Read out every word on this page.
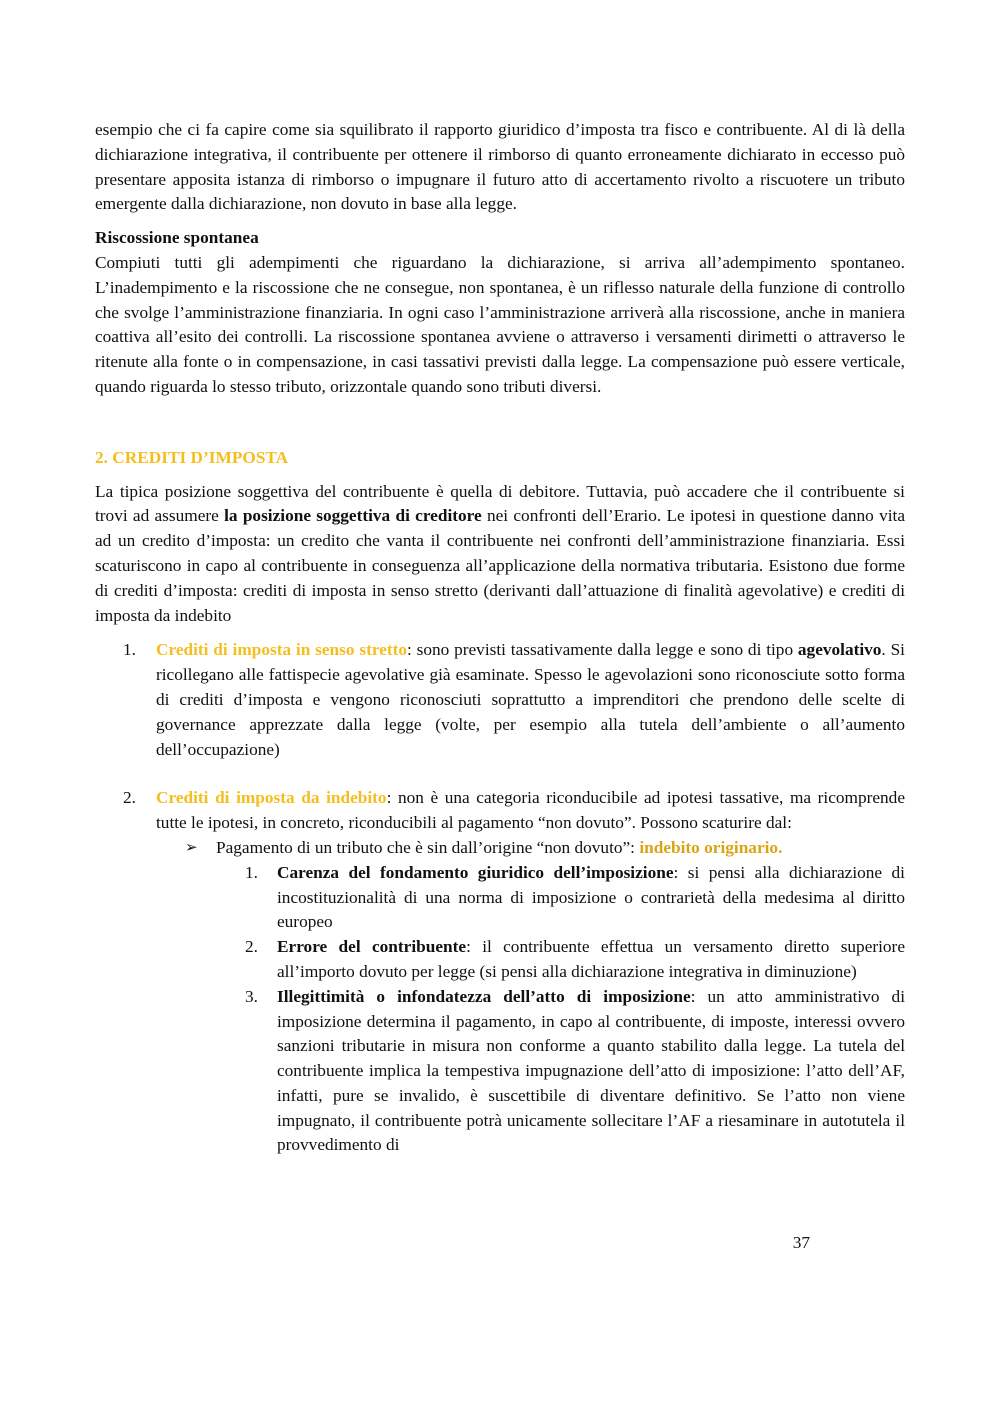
esempio che ci fa capire come sia squilibrato il rapporto giuridico d’imposta tra fisco e contribuente. Al di là della dichiarazione integrativa, il contribuente per ottenere il rimborso di quanto erroneamente dichiarato in eccesso può presentare apposita istanza di rimborso o impugnare il futuro atto di accertamento rivolto a riscuotere un tributo emergente dalla dichiarazione, non dovuto in base alla legge.

Riscossione spontanea

Compiuti tutti gli adempimenti che riguardano la dichiarazione, si arriva all’adempimento spontaneo. L’inadempimento e la riscossione che ne consegue, non spontanea, è un riflesso naturale della funzione di controllo che svolge l’amministrazione finanziaria. In ogni caso l’amministrazione arriverà alla riscossione, anche in maniera coattiva all’esito dei controlli. La riscossione spontanea avviene o attraverso i versamenti dirimetti o attraverso le ritenute alla fonte o in compensazione, in casi tassativi previsti dalla legge. La compensazione può essere verticale, quando riguarda lo stesso tributo, orizzontale quando sono tributi diversi.

2. CREDITI D’IMPOSTA

La tipica posizione soggettiva del contribuente è quella di debitore. Tuttavia, può accadere che il contribuente si trovi ad assumere la posizione soggettiva di creditore nei confronti dell’Erario. Le ipotesi in questione danno vita ad un credito d’imposta: un credito che vanta il contribuente nei confronti dell’amministrazione finanziaria. Essi scaturiscono in capo al contribuente in conseguenza all’applicazione della normativa tributaria. Esistono due forme di crediti d’imposta: crediti di imposta in senso stretto (derivanti dall’attuazione di finalità agevolative) e crediti di imposta da indebito

1. Crediti di imposta in senso stretto: sono previsti tassativamente dalla legge e sono di tipo agevolativo. Si ricollegano alle fattispecie agevolative già esaminate. Spesso le agevolazioni sono riconosciute sotto forma di crediti d’imposta e vengono riconosciuti soprattutto a imprenditori che prendono delle scelte di governance apprezzate dalla legge (volte, per esempio alla tutela dell’ambiente o all’aumento dell’occupazione)
2. Crediti di imposta da indebito: non è una categoria riconducibile ad ipotesi tassative, ma ricomprende tutte le ipotesi, in concreto, riconducibili al pagamento “non dovuto”. Possono scaturire dal:
➢ Pagamento di un tributo che è sin dall’origine “non dovuto”: indebito originario.
1. Carenza del fondamento giuridico dell’imposizione: si pensi alla dichiarazione di incostituzionalità di una norma di imposizione o contrarietà della medesima al diritto europeo
2. Errore del contribuente: il contribuente effettua un versamento diretto superiore all’importo dovuto per legge (si pensi alla dichiarazione integrativa in diminuzione)
3. Illegittimità o infondatezza dell’atto di imposizione: un atto amministrativo di imposizione determina il pagamento, in capo al contribuente, di imposte, interessi ovvero sanzioni tributarie in misura non conforme a quanto stabilito dalla legge. La tutela del contribuente implica la tempestiva impugnazione dell’atto di imposizione: l’atto dell’AF, infatti, pure se invalido, è suscettibile di diventare definitivo. Se l’atto non viene impugnato, il contribuente potrà unicamente sollecitare l’AF a riesaminare in autotutela il provvedimento di
37
